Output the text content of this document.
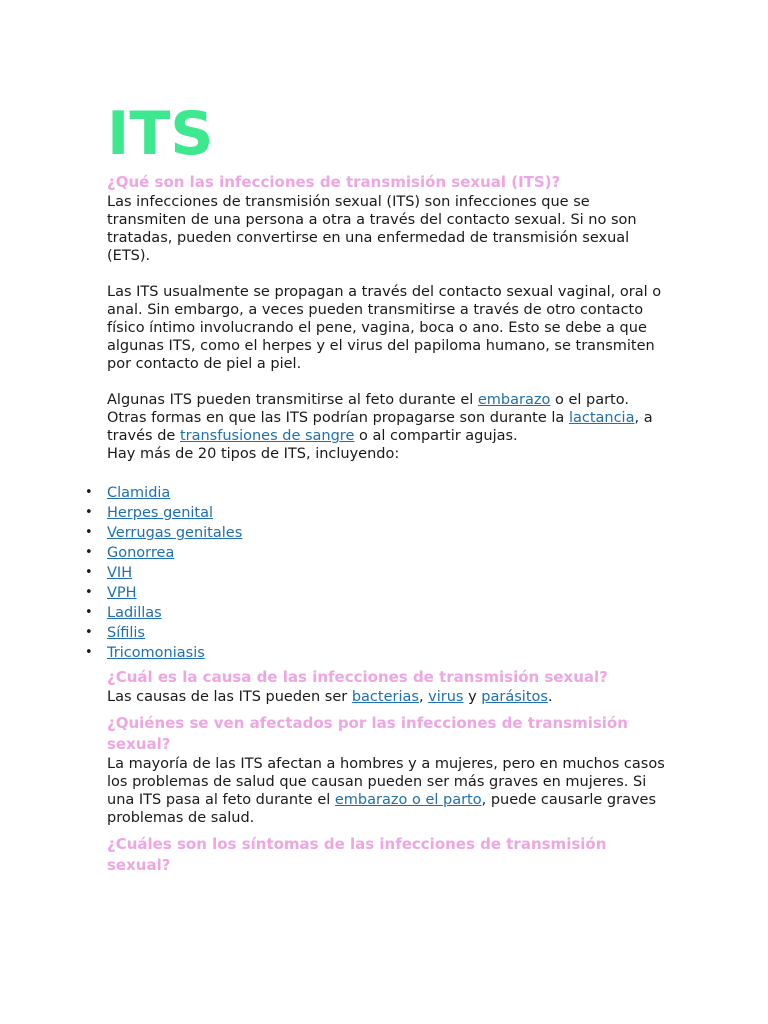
ITS
¿Qué son las infecciones de transmisión sexual (ITS)?

Las infecciones de transmisión sexual (ITS) son infecciones que se transmiten de una persona a otra a través del contacto sexual. Si no son tratadas, pueden convertirse en una enfermedad de transmisión sexual (ETS).

Las ITS usualmente se propagan a través del contacto sexual vaginal, oral o anal. Sin embargo, a veces pueden transmitirse a través de otro contacto físico íntimo involucrando el pene, vagina, boca o ano. Esto se debe a que algunas ITS, como el herpes y el virus del papiloma humano, se transmiten por contacto de piel a piel.

Algunas ITS pueden transmitirse al feto durante el embarazo o el parto. Otras formas en que las ITS podrían propagarse son durante la lactancia, a través de transfusiones de sangre o al compartir agujas.
Hay más de 20 tipos de ITS, incluyendo:

• Clamidia
• Herpes genital
• Verrugas genitales
• Gonorrea
• VIH
• VPH
• Ladillas
• Sífilis
• Tricomoniasis
¿Cuál es la causa de las infecciones de transmisión sexual?

Las causas de las ITS pueden ser bacterias, virus y parásitos.

¿Quiénes se ven afectados por las infecciones de transmisión sexual?

La mayoría de las ITS afectan a hombres y a mujeres, pero en muchos casos los problemas de salud que causan pueden ser más graves en mujeres. Si una ITS pasa al feto durante el embarazo o el parto, puede causarle graves problemas de salud.

¿Cuáles son los síntomas de las infecciones de transmisión sexual?
